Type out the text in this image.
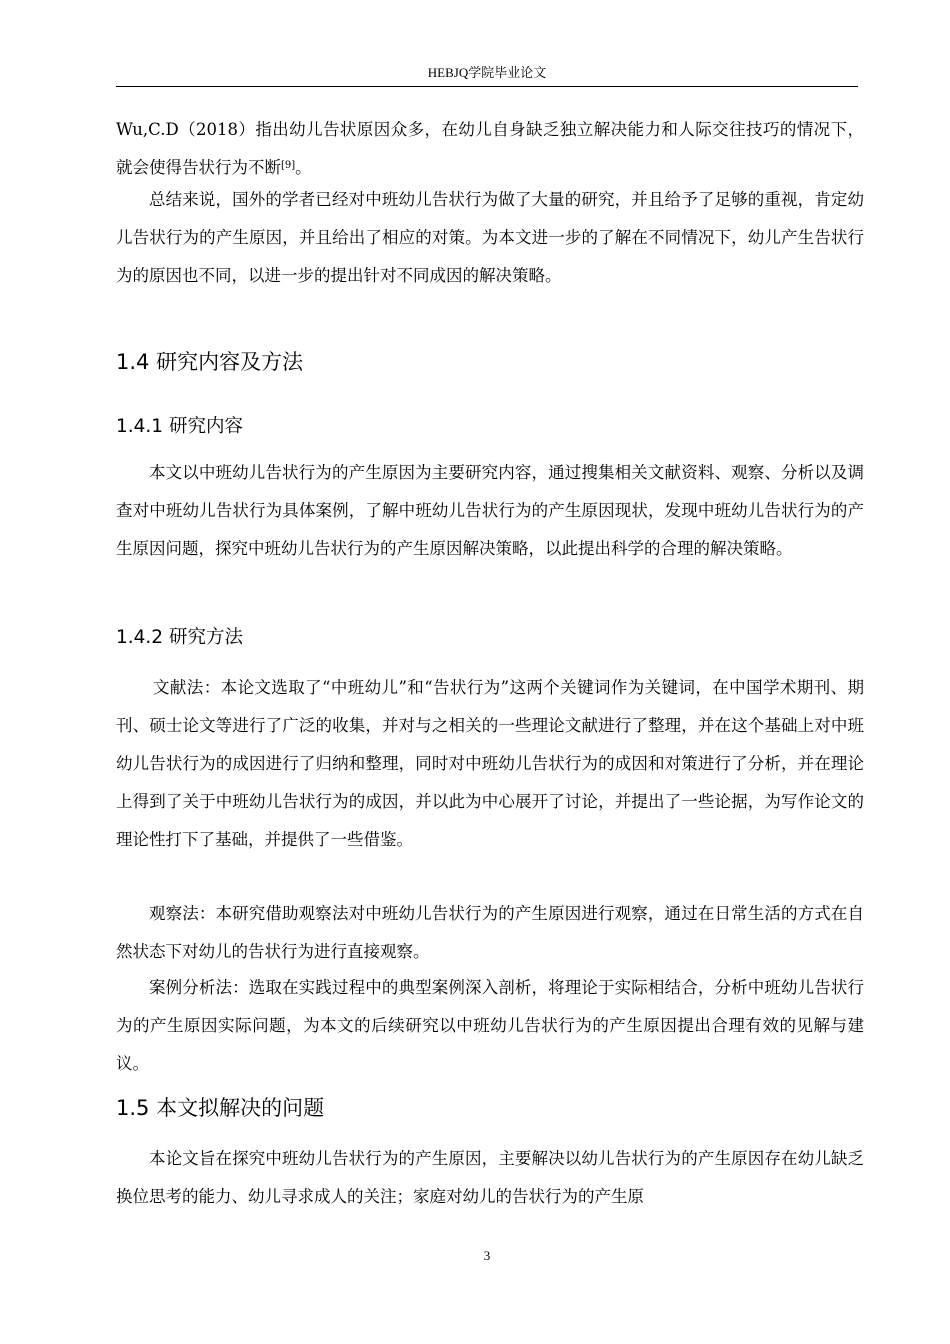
HEBJQ学院毕业论文

Wu,C.D（2018）指出幼儿告状原因众多，在幼儿自身缺乏独立解决能力和人际交往技巧的情况下，就会使得告状行为不断[9]。

总结来说，国外的学者已经对中班幼儿告状行为做了大量的研究，并且给予了足够的重视，肯定幼儿告状行为的产生原因，并且给出了相应的对策。为本文进一步的了解在不同情况下，幼儿产生告状行为的原因也不同，以进一步的提出针对不同成因的解决策略。

1.4 研究内容及方法
1.4.1 研究内容

本文以中班幼儿告状行为的产生原因为主要研究内容，通过搜集相关文献资料、观察、分析以及调查对中班幼儿告状行为具体案例，了解中班幼儿告状行为的产生原因现状，发现中班幼儿告状行为的产生原因问题，探究中班幼儿告状行为的产生原因解决策略，以此提出科学的合理的解决策略。

1.4.2 研究方法

文献法：本论文选取了“中班幼儿”和“告状行为”这两个关键词作为关键词，在中国学术期刊、期刊、硕士论文等进行了广泛的收集，并对与之相关的一些理论文献进行了整理，并在这个基础上对中班幼儿告状行为的成因进行了归纳和整理，同时对中班幼儿告状行为的成因和对策进行了分析，并在理论上得到了关于中班幼儿告状行为的成因，并以此为中心展开了讨论，并提出了一些论据，为写作论文的理论性打下了基础，并提供了一些借鉴。

观察法：本研究借助观察法对中班幼儿告状行为的产生原因进行观察，通过在日常生活的方式在自然状态下对幼儿的告状行为进行直接观察。

案例分析法：选取在实践过程中的典型案例深入剖析，将理论于实际相结合，分析中班幼儿告状行为的产生原因实际问题，为本文的后续研究以中班幼儿告状行为的产生原因提出合理有效的见解与建议。

1.5 本文拟解决的问题

本论文旨在探究中班幼儿告状行为的产生原因，主要解决以幼儿告状行为的产生原因存在幼儿缺乏换位思考的能力、幼儿寻求成人的关注；家庭对幼儿的告状行为的产生原

3
